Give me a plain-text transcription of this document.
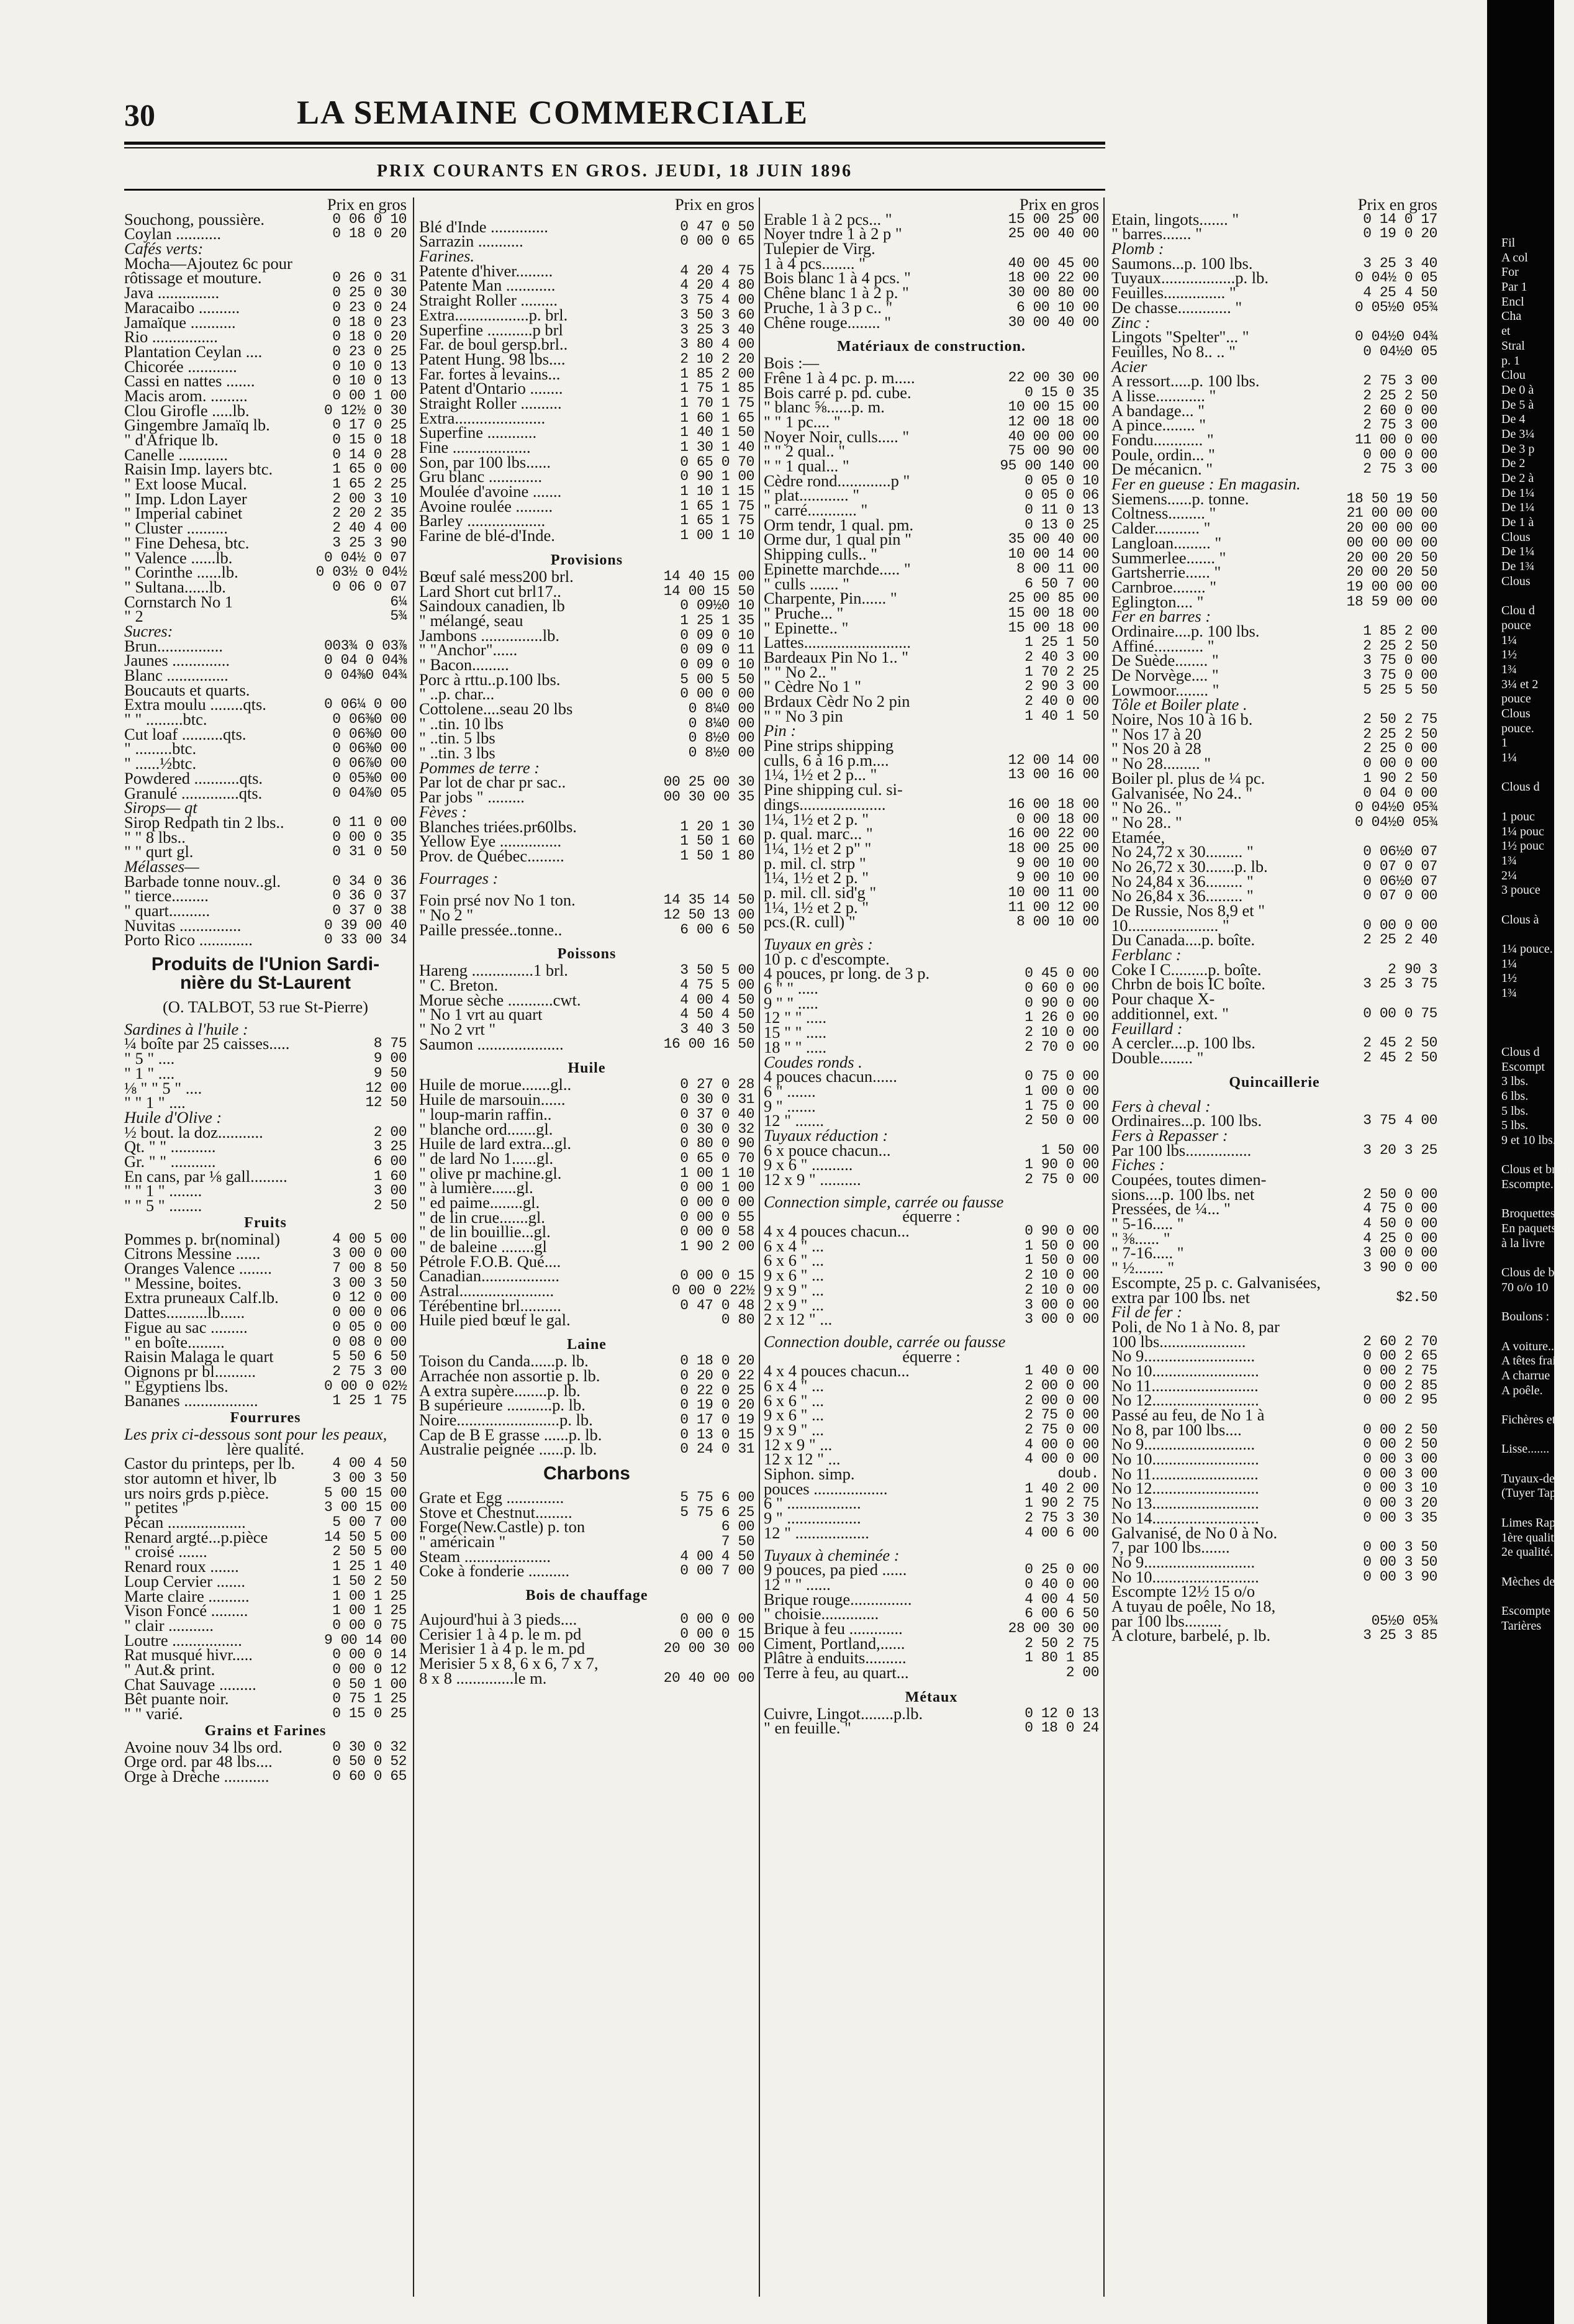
30	LA SEMAINE COMMERCIALE
PRIX COURANTS EN GROS. JEUDI, 18 JUIN 1896
Prix en gros
Souchong, poussière.	0 06 0 10
Coylan ...........	0 18 0 20
Cafés verts:
Mocha—Ajoutez 6c pour
rôtissage et mouture.	0 26 0 31
Java ...............	0 25 0 30
Maracaibo ..........	0 23 0 24
Jamaïque ...........	0 18 0 23
Rio ................	0 18 0 20
Plantation Ceylan ....	0 23 0 25
Chicorée ............	0 10 0 13
Cassi en nattes .......	0 10 0 13
Macis arom. .........	0 00 1 00
Clou Girofle .....lb.	0 12½ 0 30
Gingembre Jamaïq lb.	0 17 0 25
" d'Afrique lb.	0 15 0 18
Canelle ............	0 14 0 28
Raisin Imp. layers btc.	1 65 0 00
" Ext loose Mucal.	1 65 2 25
" Imp. Ldon Layer	2 00 3 10
" Imperial cabinet	2 20 2 35
" Cluster ..........	2 40 4 00
" Fine Dehesa, btc.	3 25 3 90
" Valence ......lb.	0 04½ 0 07
" Corinthe ......lb.	0 03½ 0 04½
" Sultana......lb.	0 06 0 07
Cornstarch No 1	6¼
" 2	5¾
Sucres:
Brun................	003¾ 0 03⅞
Jaunes ..............	0 04 0 04⅜
Blanc ...............	0 04⅜0 04¾
Boucauts et quarts.
Extra moulu ........qts.	0 06¼ 0 00
" " .........btc.	0 06⅜0 00
Cut loaf ..........qts.	0 06⅜0 00
" .........btc.	0 06⅜0 00
" ......½btc.	0 06⅞0 00
Powdered ...........qts.	0 05⅜0 00
Granulé ..............qts.	0 04⅞0 05
Sirops— qt
Sirop Redpath tin 2 lbs..	0 11 0 00
" " 8 lbs..	0 00 0 35
" " qurt gl.	0 31 0 50
Mélasses—
Barbade tonne nouv..gl.	0 34 0 36
" tierce.........	0 36 0 37
" quart..........	0 37 0 38
Nuvitas ...............	0 39 00 40
Porto Rico .............	0 33 00 34
Produits de l'Union Sardi-
nière du St-Laurent
(O. TALBOT, 53 rue St-Pierre)
Sardines à l'huile :
¼ boîte par 25 caisses.....	8 75
" 5 " ....	9 00
" 1 " ....	9 50
⅛ " " 5 " ....	12 00
" " 1 " ....	12 50
Huile d'Olive :
½ bout. la doz...........	2 00
Qt. " " ...........	3 25
Gr. " " ...........	6 00
En cans, par ⅛ gall.........	1 60
" " 1 " ........	3 00
" " 5 " ........	2 50
Fruits
Pommes p. br(nominal)	4 00 5 00
Citrons Messine ......	3 00 0 00
Oranges Valence ........	7 00 8 50
" Messine, boites.	3 00 3 50
Extra pruneaux Calf.lb.	0 12 0 00
Dattes..........lb......	0 00 0 06
Figue au sac .........	0 05 0 00
" en boîte.........	0 08 0 00
Raisin Malaga le quart	5 50 6 50
Oignons pr bl..........	2 75 3 00
" Egyptiens lbs.	0 00 0 02½
Bananes ..................	1 25 1 75
Fourrures
Les prix ci-dessous sont pour les peaux,
lère qualité.
Castor du printeps, per lb.	4 00 4 50
stor automn et hiver, lb	3 00 3 50
urs noirs grds p.pièce.	5 00 15 00
" petites "	3 00 15 00
Pécan ...................	5 00 7 00
Renard argté...p.pièce	14 50 5 00
" croisé .......	2 50 5 00
Renard roux .......	1 25 1 40
Loup Cervier .......	1 50 2 50
Marte claire ..........	1 00 1 25
Vison Foncé .........	1 00 1 25
" clair ...........	0 00 0 75
Loutre .................	9 00 14 00
Rat musqué hivr.....	0 00 0 14
" Aut.& print.	0 00 0 12
Chat Sauvage .........	0 50 1 00
Bêt puante noir.	0 75 1 25
" " varié.	0 15 0 25
Grains et Farines
Avoine nouv 34 lbs ord.	0 30 0 32
Orge ord. par 48 lbs....	0 50 0 52
Orge à Drèche ...........	0 60 0 65
Prix en gros
Blé d'Inde ..............	0 47 0 50
Sarrazin ...........	0 00 0 65
Farines.
Patente d'hiver.........	4 20 4 75
Patente Man ............	4 20 4 80
Straight Roller .........	3 75 4 00
Extra..................p. brl.	3 50 3 60
Superfine ...........p brl	3 25 3 40
Far. de boul gersp.brl..	3 80 4 00
Patent Hung. 98 lbs....	2 10 2 20
Far. fortes à levains...	1 85 2 00
Patent d'Ontario ........	1 75 1 85
Straight Roller ..........	1 70 1 75
Extra......................	1 60 1 65
Superfine ............	1 40 1 50
Fine ...................	1 30 1 40
Son, par 100 lbs......	0 65 0 70
Gru blanc .............	0 90 1 00
Moulée d'avoine .......	1 10 1 15
Avoine roulée .........	1 65 1 75
Barley ...................	1 65 1 75
Farine de blé-d'Inde.	1 00 1 10
Provisions
Bœuf salé mess200 brl.	14 40 15 00
Lard Short cut brl17..	14 00 15 50
Saindoux canadien, lb	0 09½0 10
" mélangé, seau	1 25 1 35
Jambons ...............lb.	0 09 0 10
" "Anchor"......	0 09 0 11
" Bacon.........	0 09 0 10
Porc à rttu..p.100 lbs.	5 00 5 50
" ..p. char...	0 00 0 00
Cottolene....seau 20 lbs	0 8¼0 00
" ..tin. 10 lbs	0 8¼0 00
" ..tin. 5 lbs	0 8½0 00
" ..tin. 3 lbs	0 8½0 00
Pommes de terre :
Par lot de char pr sac..	00 25 00 30
Par jobs " .........	00 30 00 35
Fèves :
Blanches triées.pr60lbs.	1 20 1 30
Yellow Eye ...............	1 50 1 60
Prov. de Québec.........	1 50 1 80
Fourrages :
Foin prsé nov No 1 ton.	14 35 14 50
" No 2 "	12 50 13 00
Paille pressée..tonne..	6 00 6 50
Poissons
Hareng ...............1 brl.	3 50 5 00
" C. Breton.	4 75 5 00
Morue sèche ...........cwt.	4 00 4 50
" No 1 vrt au quart	4 50 4 50
" No 2 vrt "	3 40 3 50
Saumon .....................	16 00 16 50
Huile
Huile de morue.......gl..	0 27 0 28
Huile de marsouin......	0 30 0 31
" loup-marin raffin..	0 37 0 40
" blanche ord.......gl.	0 30 0 32
Huile de lard extra...gl.	0 80 0 90
" de lard No 1......gl.	0 65 0 70
" olive pr machine.gl.	1 00 1 10
" à lumière......gl.	0 00 1 00
" ed paime........gl.	0 00 0 00
" de lin crue.......gl.	0 00 0 55
" de lin bouillie...gl.	0 00 0 58
" de baleine ........gl	1 90 2 00
Pétrole F.O.B. Qué....
Canadian...................	0 00 0 15
Astral.......................	0 00 0 22½
Térébentine brl..........	0 47 0 48
Huile pied bœuf le gal.	0 80
Laine
Toison du Canda......p. lb.	0 18 0 20
Arrachée non assortie p. lb.	0 20 0 22
A extra supère........p. lb.	0 22 0 25
B supérieure ...........p. lb.	0 19 0 20
Noire.........................p. lb.	0 17 0 19
Cap de B E grasse ......p. lb.	0 13 0 15
Australie peignée ......p. lb.	0 24 0 31
Charbons
Grate et Egg ..............	5 75 6 00
Stove et Chestnut.........	5 75 6 25
Forge(New.Castle) p. ton	6 00
" américain "	7 50
Steam .....................	4 00 4 50
Coke à fonderie ..........	0 00 7 00
Bois de chauffage
Aujourd'hui à 3 pieds....	0 00 0 00
Cerisier 1 à 4 p. le m. pd	0 00 0 15
Merisier 1 à 4 p. le m. pd	20 00 30 00
Merisier 5 x 8, 6 x 6, 7 x 7,
8 x 8 ..............le m.	20 40 00 00
Prix en gros
Erable 1 à 2 pcs... "	15 00 25 00
Noyer tndre 1 à 2 p "	25 00 40 00
Tulepier de Virg.
1 à 4 pcs........ "	40 00 45 00
Bois blanc 1 à 4 pcs. "	18 00 22 00
Chêne blanc 1 à 2 p. "	30 00 80 00
Pruche, 1 à 3 p c.. "	6 00 10 00
Chêne rouge........ "	30 00 40 00
Matériaux de construction.
Bois :—
Frêne 1 à 4 pc. p. m.....	22 00 30 00
Bois carré p. pd. cube.	0 15 0 35
" blanc ⅝......p. m.	10 00 15 00
" " 1 pc.... "	12 00 18 00
Noyer Noir, culls..... "	40 00 00 00
" " 2 qual.. "	75 00 90 00
" " 1 qual... "	95 00 140 00
Cèdre rond.............p "	0 05 0 10
" plat............ "	0 05 0 06
" carré............ "	0 11 0 13
Orm tendr, 1 qual. pm.	0 13 0 25
Orme dur, 1 qual pin "	35 00 40 00
Shipping culls.. "	10 00 14 00
Epinette marchde..... "	8 00 11 00
" culls ....... "	6 50 7 00
Charpente, Pin...... "	25 00 85 00
" Pruche... "	15 00 18 00
" Epinette.. "	15 00 18 00
Lattes..........................	1 25 1 50
Bardeaux Pin No 1.. "	2 40 3 00
" " No 2.. "	1 70 2 25
" Cèdre No 1 "	2 90 3 00
Brdaux Cèdr No 2 pin	2 40 0 00
" " No 3 pin	1 40 1 50
Pin :
Pine strips shipping
culls, 6 à 16 p.m....	12 00 14 00
1¼, 1½ et 2 p... "	13 00 16 00
Pine shipping cul. si-
dings.....................	16 00 18 00
1¼, 1½ et 2 p. "	0 00 18 00
p. qual. marc... "	16 00 22 00
1¼, 1½ et 2 p" "	18 00 25 00
p. mil. cl. strp "	9 00 10 00
1¼, 1½ et 2 p. "	9 00 10 00
p. mil. cll. sid'g "	10 00 11 00
1¼, 1½ et 2 p. "	11 00 12 00
pcs.(R. cull) "	8 00 10 00
Tuyaux en grès :
10 p. c d'escompte.
4 pouces, pr long. de 3 p.	0 45 0 00
6 " " .....	0 60 0 00
9 " " .....	0 90 0 00
12 " " .....	1 26 0 00
15 " " .....	2 10 0 00
18 " " .....	2 70 0 00
Coudes ronds .
4 pouces chacun......	0 75 0 00
6 " .......	1 00 0 00
9 " .......	1 75 0 00
12 " .......	2 50 0 00
Tuyaux réduction :
6 x pouce chacun...	1 50 00
9 x 6 " ..........	1 90 0 00
12 x 9 " ..........	2 75 0 00
Connection simple, carrée ou fausse
équerre :
4 x 4 pouces chacun...	0 90 0 00
6 x 4 " ...	1 50 0 00
6 x 6 " ...	1 50 0 00
9 x 6 " ...	2 10 0 00
9 x 9 " ...	2 10 0 00
2 x 9 " ...	3 00 0 00
2 x 12 " ...	3 00 0 00
Connection double, carrée ou fausse
équerre :
4 x 4 pouces chacun...	1 40 0 00
6 x 4 " ...	2 00 0 00
6 x 6 " ...	2 00 0 00
9 x 6 " ...	2 75 0 00
9 x 9 " ...	2 75 0 00
12 x 9 " ...	4 00 0 00
12 x 12 " ...	4 00 0 00
Siphon. simp.	doub.
pouces ..................	1 40 2 00
6 " ..................	1 90 2 75
9 " ..................	2 75 3 30
12 " ..................	4 00 6 00
Tuyaux à cheminée :
9 pouces, pa pied ......	0 25 0 00
12 " " ......	0 40 0 00
Brique rouge...............	4 00 4 50
" choisie..............	6 00 6 50
Brique à feu .............	28 00 30 00
Ciment, Portland,......	2 50 2 75
Plâtre à enduits..........	1 80 1 85
Terre à feu, au quart...	2 00
Métaux
Cuivre, Lingot........p.lb.	0 12 0 13
" en feuille. "	0 18 0 24
Prix en gros
Etain, lingots....... "	0 14 0 17
" barres....... "	0 19 0 20
Plomb :
Saumons...p. 100 lbs.	3 25 3 40
Tuyaux..................p. lb.	0 04½ 0 05
Feuilles............... "	4 25 4 50
De chasse............. "	0 05½0 05¾
Zinc :
Lingots "Spelter"... "	0 04½0 04¾
Feuilles, No 8.. .. "	0 04½0 05
Acier
A ressort.....p. 100 lbs.	2 75 3 00
A lisse............ "	2 25 2 50
A bandage... "	2 60 0 00
A pince........ "	2 75 3 00
Fondu............ "	11 00 0 00
Poule, ordin... "	0 00 0 00
De mécanicn. "	2 75 3 00
Fer en gueuse : En magasin.
Siemens......p. tonne.	18 50 19 50
Coltness......... "	21 00 00 00
Calder........... "	20 00 00 00
Langloan......... "	00 00 00 00
Summerlee....... "	20 00 20 50
Gartsherrie...... "	20 00 20 50
Carnbroe........ "	19 00 00 00
Eglington.... "	18 59 00 00
Fer en barres :
Ordinaire....p. 100 lbs.	1 85 2 00
Affiné............ "	2 25 2 50
De Suède........ "	3 75 0 00
De Norvège.... "	3 75 0 00
Lowmoor........ "	5 25 5 50
Tôle et Boiler plate .
Noire, Nos 10 à 16 b.	2 50 2 75
" Nos 17 à 20	2 25 2 50
" Nos 20 à 28	2 25 0 00
" No 28......... "	0 00 0 00
Boiler pl. plus de ¼ pc.	1 90 2 50
Galvanisée, No 24.. "	0 04 0 00
" No 26.. "	0 04½0 05¾
" No 28.. "	0 04½0 05¾
Etamée,
No 24,72 x 30......... "	0 06½0 07
No 26,72 x 30.......p. lb.	0 07 0 07
No 24,84 x 36......... "	0 06½0 07
No 26,84 x 36......... "	0 07 0 00
De Russie, Nos 8,9 et "
10...................... "	0 00 0 00
Du Canada....p. boîte.	2 25 2 40
Ferblanc :
Coke I C.........p. boîte.	2 90 3
Chrbn de bois IC boîte.	3 25 3 75
Pour chaque X-
additionnel, ext. "	0 00 0 75
Feuillard :
A cercler....p. 100 lbs.	2 45 2 50
Double........ "	2 45 2 50
Quincaillerie
Fers à cheval :
Ordinaires...p. 100 lbs.	3 75 4 00
Fers à Repasser :
Par 100 lbs................	3 20 3 25
Fiches :
Coupées, toutes dimen-
sions....p. 100 lbs. net	2 50 0 00
Pressées, de ¼... "	4 75 0 00
" 5-16..... "	4 50 0 00
" ⅜...... "	4 25 0 00
" 7-16..... "	3 00 0 00
" ½....... "	3 90 0 00
Escompte, 25 p. c. Galvanisées,
extra par 100 lbs. net	$2.50
Fil de fer :
Poli, de No 1 à No. 8, par
100 lbs.....................	2 60 2 70
No 9...........................	0 00 2 65
No 10..........................	0 00 2 75
No 11..........................	0 00 2 85
No 12..........................	0 00 2 95
Passé au feu, de No 1 à
No 8, par 100 lbs....	0 00 2 50
No 9...........................	0 00 2 50
No 10..........................	0 00 3 00
No 11..........................	0 00 3 00
No 12..........................	0 00 3 10
No 13..........................	0 00 3 20
No 14..........................	0 00 3 35
Galvanisé, de No 0 à No.
7, par 100 lbs.......	0 00 3 50
No 9...........................	0 00 3 50
No 10..........................	0 00 3 90
Escompte 12½ 15 o/o
A tuyau de poêle, No 18,
par 100 lbs.........	05½0 05¾
A cloture, barbelé, p. lb.	3 25 3 85
Fil
A col
For
Par 1
Encl
Cha
et
Stral
p. 1
Clou
De 0 à
De 5 à
De 4
De 3¼
De 3 p
De 2
De 2 à
De 1¼
De 1¼
De 1 à
Clous
De 1¼
De 1¾
Clous
Clou d
pouce
1¼
1½
1¾
3¼ et 2
pouce
Clous
pouce.
1
1¼
Clous d
1 pouc
1¼ pouc
1½ pouc
1¾
2¼
3 pouce
Clous à
1¼ pouce.
1¼
1½
1¾
Clous d
Escompt
3 lbs.
6 lbs.
5 lbs.
5 lbs.
9 et 10 lbs.
Clous et broq
Escompte.
Broquettes
En paquets
à la livre
Clous de broq
70 o/o 10
Boulons :
A voiture..es
A têtes frais
A charrue
A poêle.
Fichères et
Lisse.......
Tuyaux-de-me
(Tuyer Taps)
Limes Rapes
1ère qualité.
2e qualité.
Mèches de Ta
Escompte
Tarières
